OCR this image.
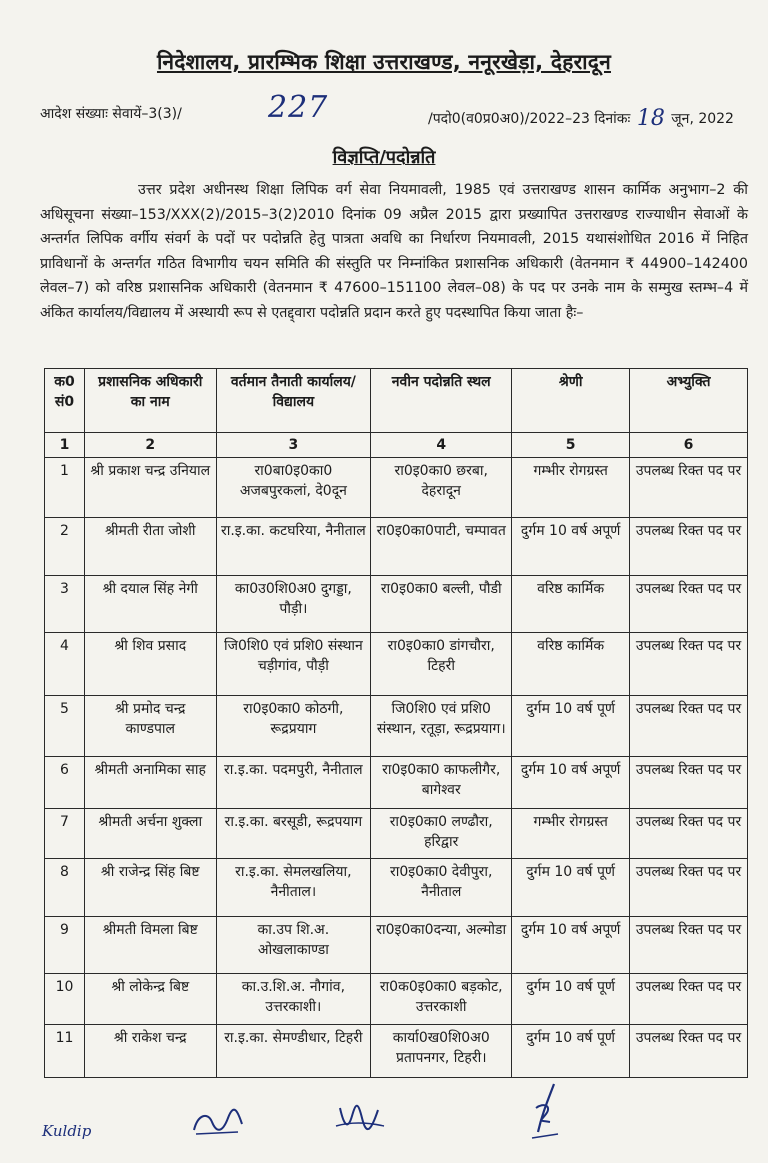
निदेशालय, प्रारम्भिक शिक्षा उत्तराखण्ड, ननूरखेड़ा, देहरादून
आदेश संख्याः सेवायें–3(3)/	227	/पदो0(व0प्र0अ0)/2022–23 दिनांकः 18 जून, 2022
विज्ञप्ति/पदोन्नति
उत्तर प्रदेश अधीनस्थ शिक्षा लिपिक वर्ग सेवा नियमावली, 1985 एवं उत्तराखण्ड शासन कार्मिक अनुभाग–2 की अधिसूचना संख्या–153/XXX(2)/2015–3(2)2010 दिनांक 09 अप्रैल 2015 द्वारा प्रख्यापित उत्तराखण्ड राज्याधीन सेवाओं के अन्तर्गत लिपिक वर्गीय संवर्ग के पदों पर पदोन्नति हेतु पात्रता अवधि का निर्धारण नियमावली, 2015 यथासंशोधित 2016 में निहित प्राविधानों के अन्तर्गत गठित विभागीय चयन समिति की संस्तुति पर निम्नांकित प्रशासनिक अधिकारी (वेतनमान ₹ 44900–142400 लेवल–7) को वरिष्ठ प्रशासनिक अधिकारी (वेतनमान ₹ 47600–151100 लेवल–08) के पद पर उनके नाम के सम्मुख स्तम्भ–4 में अंकित कार्यालय/विद्यालय में अस्थायी रूप से एतद्द्वारा पदोन्नति प्रदान करते हुए पदस्थापित किया जाता हैः–
क0 सं0	प्रशासनिक अधिकारी का नाम	वर्तमान तैनाती कार्यालय/ विद्यालय	नवीन पदोन्नति स्थल	श्रेणी	अभ्युक्ति
1	2	3	4	5	6
1	श्री प्रकाश चन्द्र उनियाल	रा0बा0इ0का0 अजबपुरकलां, दे0दून	रा0इ0का0 छरबा, देहरादून	गम्भीर रोगग्रस्त	उपलब्ध रिक्त पद पर
2	श्रीमती रीता जोशी	रा.इ.का. कटघरिया, नैनीताल	रा0इ0का0पाटी, चम्पावत	दुर्गम 10 वर्ष अपूर्ण	उपलब्ध रिक्त पद पर
3	श्री दयाल सिंह नेगी	का0उ0शि0अ0 दुगड्डा, पौड़ी।	रा0इ0का0 बल्ली, पौडी	वरिष्ठ कार्मिक	उपलब्ध रिक्त पद पर
4	श्री शिव प्रसाद	जि0शि0 एवं प्रशि0 संस्थान चड़ीगांव, पौड़ी	रा0इ0का0 डांगचौरा, टिहरी	वरिष्ठ कार्मिक	उपलब्ध रिक्त पद पर
5	श्री प्रमोद चन्द्र काण्डपाल	रा0इ0का0 कोठगी, रूद्रप्रयाग	जि0शि0 एवं प्रशि0 संस्थान, रतूड़ा, रूद्रप्रयाग।	दुर्गम 10 वर्ष पूर्ण	उपलब्ध रिक्त पद पर
6	श्रीमती अनामिका साह	रा.इ.का. पदमपुरी, नैनीताल	रा0इ0का0 काफलीगैर, बागेश्वर	दुर्गम 10 वर्ष अपूर्ण	उपलब्ध रिक्त पद पर
7	श्रीमती अर्चना शुक्ला	रा.इ.का. बरसूडी, रूद्रपयाग	रा0इ0का0 लण्ढौरा, हरिद्वार	गम्भीर रोगग्रस्त	उपलब्ध रिक्त पद पर
8	श्री राजेन्द्र सिंह बिष्ट	रा.इ.का. सेमलखलिया, नैनीताल।	रा0इ0का0 देवीपुरा, नैनीताल	दुर्गम 10 वर्ष पूर्ण	उपलब्ध रिक्त पद पर
9	श्रीमती विमला बिष्ट	का.उप शि.अ. ओखलाकाण्डा	रा0इ0का0दन्या, अल्मोडा	दुर्गम 10 वर्ष अपूर्ण	उपलब्ध रिक्त पद पर
10	श्री लोकेन्द्र बिष्ट	का.उ.शि.अ. नौगांव, उत्तरकाशी।	रा0क0इ0का0 बड़कोट, उत्तरकाशी	दुर्गम 10 वर्ष पूर्ण	उपलब्ध रिक्त पद पर
11	श्री राकेश चन्द्र	रा.इ.का. सेमण्डीधार, टिहरी	कार्या0ख0शि0अ0 प्रतापनगर, टिहरी।	दुर्गम 10 वर्ष पूर्ण	उपलब्ध रिक्त पद पर
Kuldip
